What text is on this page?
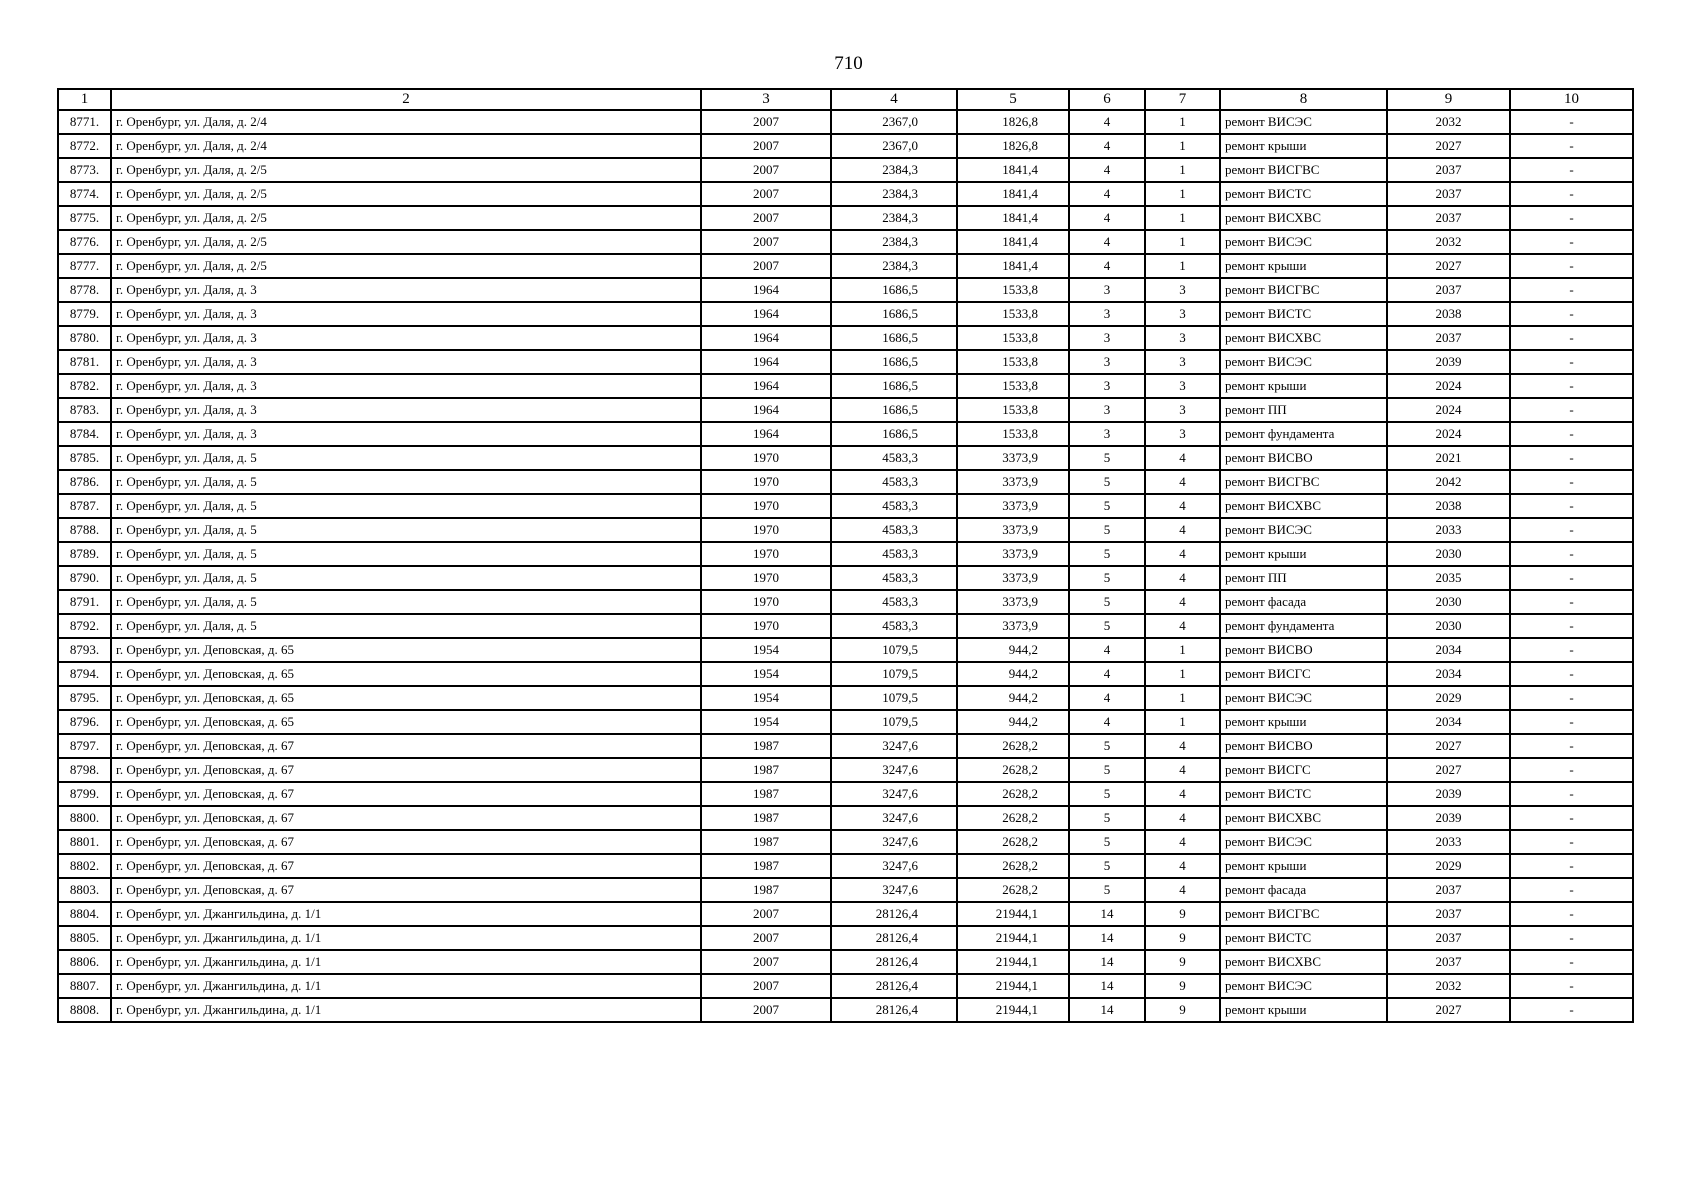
710
1	2	3	4	5	6	7	8	9	10
8771.	г. Оренбург, ул. Даля, д. 2/4	2007	2367,0	1826,8	4	1	ремонт ВИСЭС	2032	-
8772.	г. Оренбург, ул. Даля, д. 2/4	2007	2367,0	1826,8	4	1	ремонт крыши	2027	-
8773.	г. Оренбург, ул. Даля, д. 2/5	2007	2384,3	1841,4	4	1	ремонт ВИСГВС	2037	-
8774.	г. Оренбург, ул. Даля, д. 2/5	2007	2384,3	1841,4	4	1	ремонт ВИСТС	2037	-
8775.	г. Оренбург, ул. Даля, д. 2/5	2007	2384,3	1841,4	4	1	ремонт ВИСХВС	2037	-
8776.	г. Оренбург, ул. Даля, д. 2/5	2007	2384,3	1841,4	4	1	ремонт ВИСЭС	2032	-
8777.	г. Оренбург, ул. Даля, д. 2/5	2007	2384,3	1841,4	4	1	ремонт крыши	2027	-
8778.	г. Оренбург, ул. Даля, д. 3	1964	1686,5	1533,8	3	3	ремонт ВИСГВС	2037	-
8779.	г. Оренбург, ул. Даля, д. 3	1964	1686,5	1533,8	3	3	ремонт ВИСТС	2038	-
8780.	г. Оренбург, ул. Даля, д. 3	1964	1686,5	1533,8	3	3	ремонт ВИСХВС	2037	-
8781.	г. Оренбург, ул. Даля, д. 3	1964	1686,5	1533,8	3	3	ремонт ВИСЭС	2039	-
8782.	г. Оренбург, ул. Даля, д. 3	1964	1686,5	1533,8	3	3	ремонт крыши	2024	-
8783.	г. Оренбург, ул. Даля, д. 3	1964	1686,5	1533,8	3	3	ремонт ПП	2024	-
8784.	г. Оренбург, ул. Даля, д. 3	1964	1686,5	1533,8	3	3	ремонт фундамента	2024	-
8785.	г. Оренбург, ул. Даля, д. 5	1970	4583,3	3373,9	5	4	ремонт ВИСВО	2021	-
8786.	г. Оренбург, ул. Даля, д. 5	1970	4583,3	3373,9	5	4	ремонт ВИСГВС	2042	-
8787.	г. Оренбург, ул. Даля, д. 5	1970	4583,3	3373,9	5	4	ремонт ВИСХВС	2038	-
8788.	г. Оренбург, ул. Даля, д. 5	1970	4583,3	3373,9	5	4	ремонт ВИСЭС	2033	-
8789.	г. Оренбург, ул. Даля, д. 5	1970	4583,3	3373,9	5	4	ремонт крыши	2030	-
8790.	г. Оренбург, ул. Даля, д. 5	1970	4583,3	3373,9	5	4	ремонт ПП	2035	-
8791.	г. Оренбург, ул. Даля, д. 5	1970	4583,3	3373,9	5	4	ремонт фасада	2030	-
8792.	г. Оренбург, ул. Даля, д. 5	1970	4583,3	3373,9	5	4	ремонт фундамента	2030	-
8793.	г. Оренбург, ул. Деповская, д. 65	1954	1079,5	944,2	4	1	ремонт ВИСВО	2034	-
8794.	г. Оренбург, ул. Деповская, д. 65	1954	1079,5	944,2	4	1	ремонт ВИСГС	2034	-
8795.	г. Оренбург, ул. Деповская, д. 65	1954	1079,5	944,2	4	1	ремонт ВИСЭС	2029	-
8796.	г. Оренбург, ул. Деповская, д. 65	1954	1079,5	944,2	4	1	ремонт крыши	2034	-
8797.	г. Оренбург, ул. Деповская, д. 67	1987	3247,6	2628,2	5	4	ремонт ВИСВО	2027	-
8798.	г. Оренбург, ул. Деповская, д. 67	1987	3247,6	2628,2	5	4	ремонт ВИСГС	2027	-
8799.	г. Оренбург, ул. Деповская, д. 67	1987	3247,6	2628,2	5	4	ремонт ВИСТС	2039	-
8800.	г. Оренбург, ул. Деповская, д. 67	1987	3247,6	2628,2	5	4	ремонт ВИСХВС	2039	-
8801.	г. Оренбург, ул. Деповская, д. 67	1987	3247,6	2628,2	5	4	ремонт ВИСЭС	2033	-
8802.	г. Оренбург, ул. Деповская, д. 67	1987	3247,6	2628,2	5	4	ремонт крыши	2029	-
8803.	г. Оренбург, ул. Деповская, д. 67	1987	3247,6	2628,2	5	4	ремонт фасада	2037	-
8804.	г. Оренбург, ул. Джангильдина, д. 1/1	2007	28126,4	21944,1	14	9	ремонт ВИСГВС	2037	-
8805.	г. Оренбург, ул. Джангильдина, д. 1/1	2007	28126,4	21944,1	14	9	ремонт ВИСТС	2037	-
8806.	г. Оренбург, ул. Джангильдина, д. 1/1	2007	28126,4	21944,1	14	9	ремонт ВИСХВС	2037	-
8807.	г. Оренбург, ул. Джангильдина, д. 1/1	2007	28126,4	21944,1	14	9	ремонт ВИСЭС	2032	-
8808.	г. Оренбург, ул. Джангильдина, д. 1/1	2007	28126,4	21944,1	14	9	ремонт крыши	2027	-
